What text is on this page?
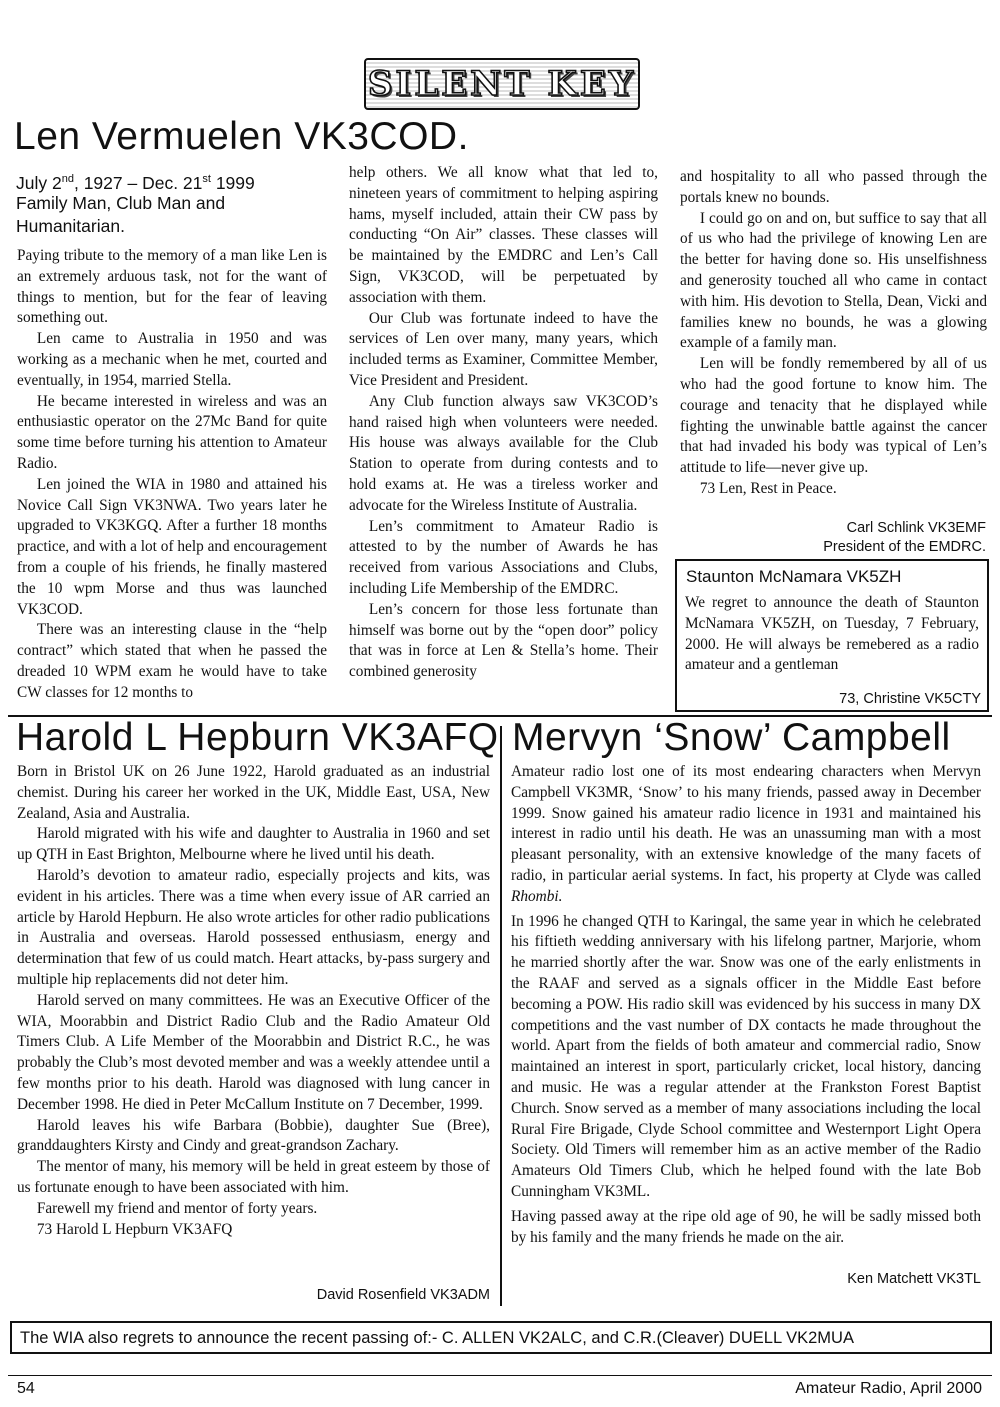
SILENT KEY
Len Vermuelen VK3COD.
July 2nd, 1927 – Dec. 21st 1999
Family Man, Club Man and Humanitarian.

Paying tribute to the memory of a man like Len is an extremely arduous task, not for the want of things to mention, but for the fear of leaving something out.

Len came to Australia in 1950 and was working as a mechanic when he met, courted and eventually, in 1954, married Stella.

He became interested in wireless and was an enthusiastic operator on the 27Mc Band for quite some time before turning his attention to Amateur Radio.

Len joined the WIA in 1980 and attained his Novice Call Sign VK3NWA. Two years later he upgraded to VK3KGQ. After a further 18 months practice, and with a lot of help and encouragement from a couple of his friends, he finally mastered the 10 wpm Morse and thus was launched VK3COD.

There was an interesting clause in the “help contract” which stated that when he passed the dreaded 10 WPM exam he would have to take CW classes for 12 months to

help others. We all know what that led to, nineteen years of commitment to helping aspiring hams, myself included, attain their CW pass by conducting “On Air” classes. These classes will be maintained by the EMDRC and Len’s Call Sign, VK3COD, will be perpetuated by association with them.

Our Club was fortunate indeed to have the services of Len over many, many years, which included terms as Examiner, Committee Member, Vice President and President.

Any Club function always saw VK3COD’s hand raised high when volunteers were needed. His house was always available for the Club Station to operate from during contests and to hold exams at. He was a tireless worker and advocate for the Wireless Institute of Australia.

Len’s commitment to Amateur Radio is attested to by the number of Awards he has received from various Associations and Clubs, including Life Membership of the EMDRC.

Len’s concern for those less fortunate than himself was borne out by the “open door” policy that was in force at Len & Stella’s home. Their combined generosity

and hospitality to all who passed through the portals knew no bounds.

I could go on and on, but suffice to say that all of us who had the privilege of knowing Len are the better for having done so. His unselfishness and generosity touched all who came in contact with him. His devotion to Stella, Dean, Vicki and families knew no bounds, he was a glowing example of a family man.

Len will be fondly remembered by all of us who had the good fortune to know him. The courage and tenacity that he displayed while fighting the unwinable battle against the cancer that had invaded his body was typical of Len’s attitude to life—never give up.

73 Len, Rest in Peace.

Carl Schlink VK3EMF
President of the EMDRC.
Staunton McNamara VK5ZH
We regret to announce the death of Staunton McNamara VK5ZH, on Tuesday, 7 February, 2000. He will always be remebered as a radio amateur and a gentleman
73, Christine VK5CTY
Harold L Hepburn VK3AFQ

Born in Bristol UK on 26 June 1922, Harold graduated as an industrial chemist. During his career her worked in the UK, Middle East, USA, New Zealand, Asia and Australia.

Harold migrated with his wife and daughter to Australia in 1960 and set up QTH in East Brighton, Melbourne where he lived until his death.

Harold’s devotion to amateur radio, especially projects and kits, was evident in his articles. There was a time when every issue of AR carried an article by Harold Hepburn. He also wrote articles for other radio publications in Australia and overseas. Harold possessed enthusiasm, energy and determination that few of us could match. Heart attacks, by-pass surgery and multiple hip replacements did not deter him.

Harold served on many committees. He was an Executive Officer of the WIA, Moorabbin and District Radio Club and the Radio Amateur Old Timers Club. A Life Member of the Moorabbin and District R.C., he was probably the Club’s most devoted member and was a weekly attendee until a few months prior to his death. Harold was diagnosed with lung cancer in December 1998. He died in Peter McCallum Institute on 7 December, 1999.

Harold leaves his wife Barbara (Bobbie), daughter Sue (Bree), granddaughters Kirsty and Cindy and great-grandson Zachary.

The mentor of many, his memory will be held in great esteem by those of us fortunate enough to have been associated with him.

Farewell my friend and mentor of forty years.

73 Harold L Hepburn VK3AFQ

David Rosenfield VK3ADM
Mervyn ‘Snow’ Campbell

Amateur radio lost one of its most endearing characters when Mervyn Campbell VK3MR, ‘Snow’ to his many friends, passed away in December 1999. Snow gained his amateur radio licence in 1931 and maintained his interest in radio until his death. He was an unassuming man with a most pleasant personality, with an extensive knowledge of the many facets of radio, in particular aerial systems. In fact, his property at Clyde was called Rhombi.

In 1996 he changed QTH to Karingal, the same year in which he celebrated his fiftieth wedding anniversary with his lifelong partner, Marjorie, whom he married shortly after the war. Snow was one of the early enlistments in the RAAF and served as a signals officer in the Middle East before becoming a POW. His radio skill was evidenced by his success in many DX competitions and the vast number of DX contacts he made throughout the world. Apart from the fields of both amateur and commercial radio, Snow maintained an interest in sport, particularly cricket, local history, dancing and music. He was a regular attender at the Frankston Forest Baptist Church. Snow served as a member of many associations including the local Rural Fire Brigade, Clyde School committee and Westernport Light Opera Society. Old Timers will remember him as an active member of the Radio Amateurs Old Timers Club, which he helped found with the late Bob Cunningham VK3ML.

Having passed away at the ripe old age of 90, he will be sadly missed both by his family and the many friends he made on the air.

Ken Matchett VK3TL
The WIA also regrets to announce the recent passing of:- C. ALLEN VK2ALC, and C.R.(Cleaver) DUELL VK2MUA
54	Amateur Radio, April 2000
